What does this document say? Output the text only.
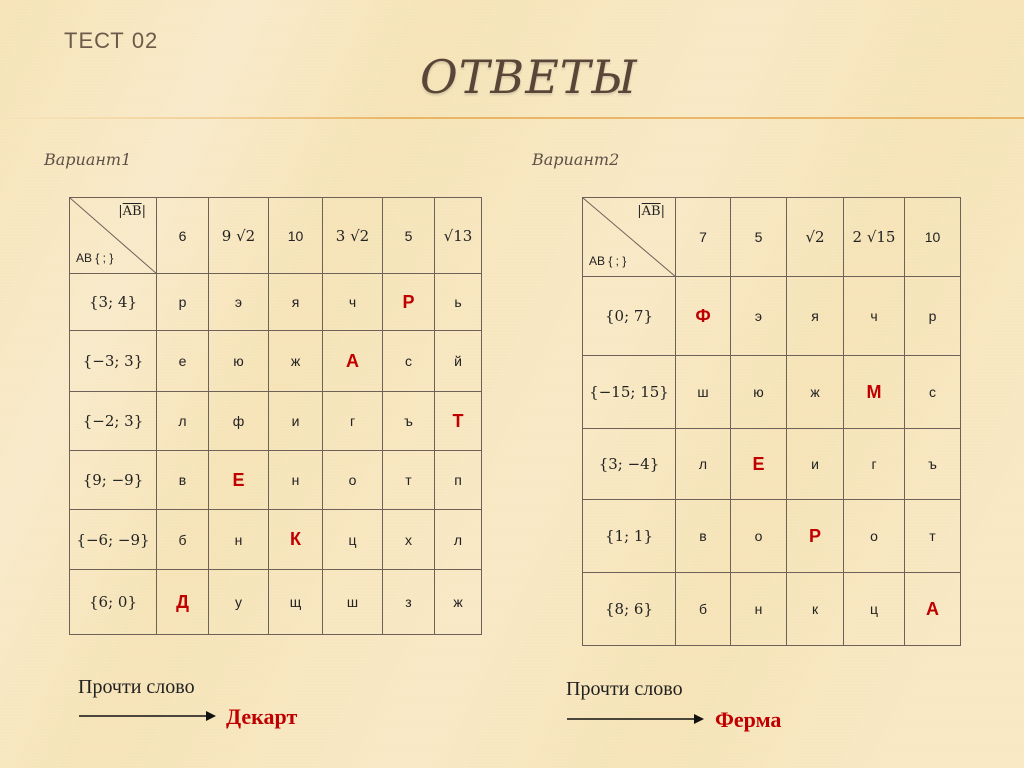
ТЕСТ 02
ОТВЕТЫ
Вариант1
$|\overline{AB}|$
AB { ; }	6	9 √2	10	3 √2	5	√13
{3; 4}	р	э	я	ч	Р	ь
{−3; 3}	е	ю	ж	А	с	й
{−2; 3}	л	ф	и	г	ъ	Т
{9; −9}	в	Е	н	о	т	п
{−6; −9}	б	н	К	ц	х	л
{6; 0}	Д	у	щ	ш	з	ж
Прочти слово
Декарт
Вариант2
$|\overline{AB}|$
AB { ; }	7	5	√2	2 √15	10
{0; 7}	Ф	э	я	ч	р
{−15; 15}	ш	ю	ж	М	с
{3; −4}	л	Е	и	г	ъ
{1; 1}	в	о	Р	о	т
{8; 6}	б	н	к	ц	А
Прочти слово
Ферма
